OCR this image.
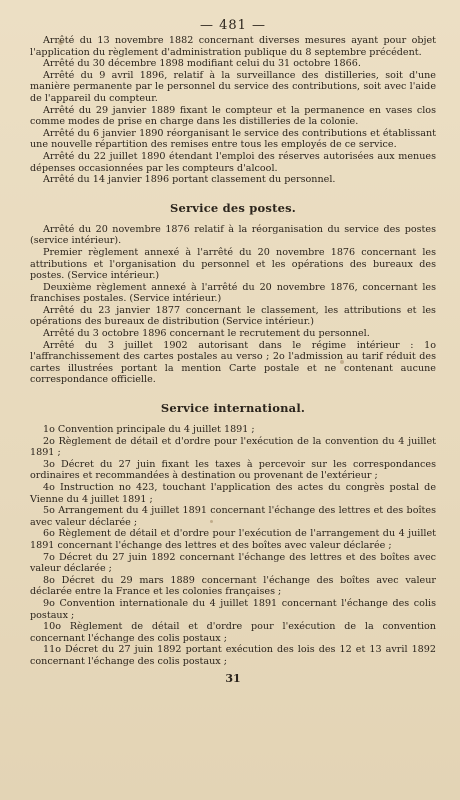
— 481 —

Arrêté du 13 novembre 1882 concernant diverses mesures ayant pour objet l'application du règlement d'administration publique du 8 septembre précédent.

Arrêté du 30 décembre 1898 modifiant celui du 31 octobre 1866.

Arrêté du 9 avril 1896, relatif à la surveillance des distilleries, soit d'une manière permanente par le personnel du service des contributions, soit avec l'aide de l'appareil du compteur.

Arrêté du 29 janvier 1889 fixant le compteur et la permanence en vases clos comme modes de prise en charge dans les distilleries de la colonie.

Arrêté du 6 janvier 1890 réorganisant le service des contributions et établissant une nouvelle répartition des remises entre tous les employés de ce service.

Arrêté du 22 juillet 1890 étendant l'emploi des réserves autorisées aux menues dépenses occasionnées par les compteurs d'alcool.

Arrêté du 14 janvier 1896 portant classement du personnel.

Service des postes.

Arrêté du 20 novembre 1876 relatif à la réorganisation du service des postes (service intérieur).

Premier règlement annexé à l'arrêté du 20 novembre 1876 concernant les attributions et l'organisation du personnel et les opérations des bureaux des postes. (Service intérieur.)

Deuxième règlement annexé à l'arrêté du 20 novembre 1876, concernant les franchises postales. (Service intérieur.)

Arrêté du 23 janvier 1877 concernant le classement, les attributions et les opérations des bureaux de distribution (Service intérieur.)

Arrêté du 3 octobre 1896 concernant le recrutement du personnel.

Arrêté du 3 juillet 1902 autorisant dans le régime intérieur : 1o l'affranchissement des cartes postales au verso ; 2o l'admission au tarif réduit des cartes illustrées portant la mention Carte postale et ne contenant aucune correspondance officielle.

Service international.

1o Convention principale du 4 juillet 1891 ;

2o Règlement de détail et d'ordre pour l'exécution de la convention du 4 juillet 1891 ;

3o Décret du 27 juin fixant les taxes à percevoir sur les correspondances ordinaires et recommandées à destination ou provenant de l'extérieur ;

4o Instruction no 423, touchant l'application des actes du congrès postal de Vienne du 4 juillet 1891 ;

5o Arrangement du 4 juillet 1891 concernant l'échange des lettres et des boîtes avec valeur déclarée ;

6o Règlement de détail et d'ordre pour l'exécution de l'arrangement du 4 juillet 1891 concernant l'échange des lettres et des boîtes avec valeur déclarée ;

7o Décret du 27 juin 1892 concernant l'échange des lettres et des boîtes avec valeur déclarée ;

8o Décret du 29 mars 1889 concernant l'échange des boîtes avec valeur déclarée entre la France et les colonies françaises ;

9o Convention internationale du 4 juillet 1891 concernant l'échange des colis postaux ;

10o Règlement de détail et d'ordre pour l'exécution de la convention concernant l'échange des colis postaux ;

11o Décret du 27 juin 1892 portant exécution des lois des 12 et 13 avril 1892 concernant l'échange des colis postaux ;

31
